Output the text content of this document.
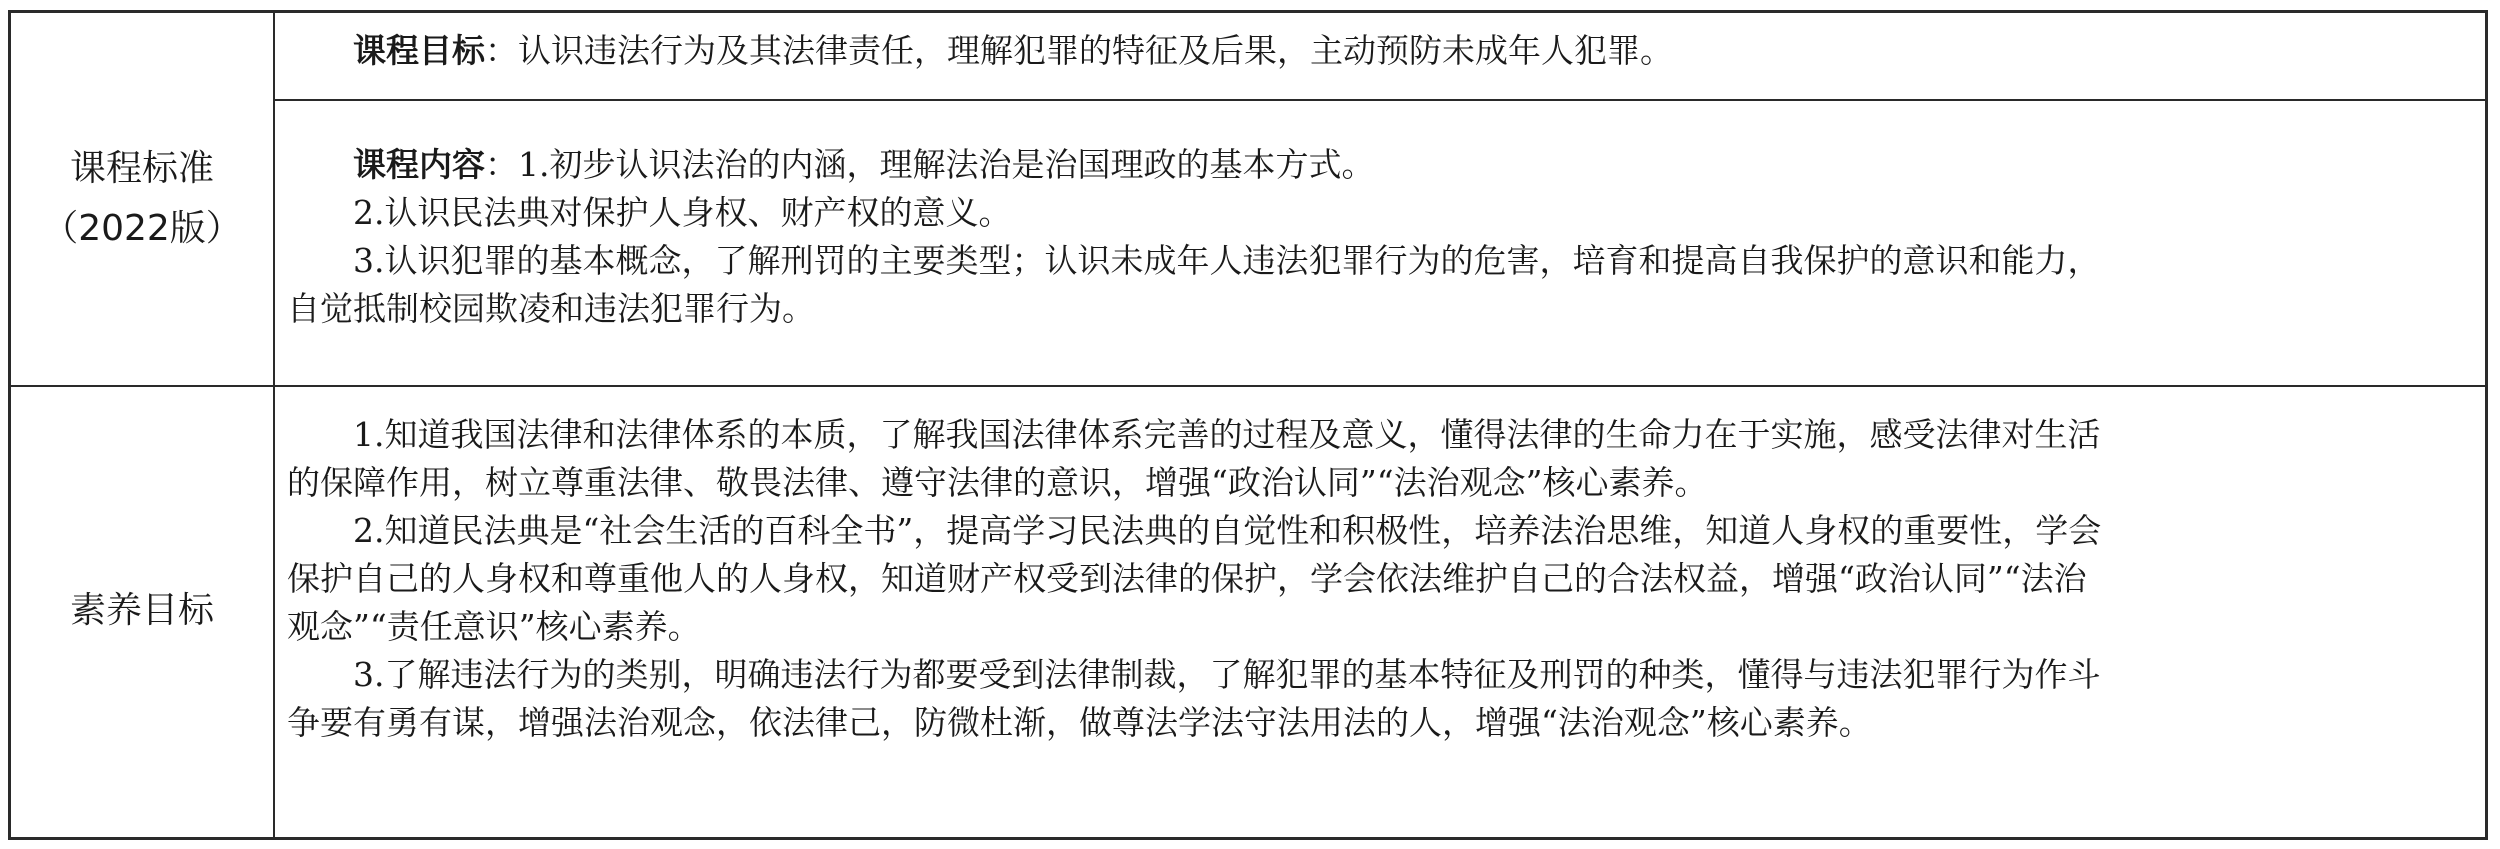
课程标准
（2022版）
课程目标：认识违法行为及其法律责任，理解犯罪的特征及后果，主动预防未成年人犯罪。
课程内容：1.初步认识法治的内涵，理解法治是治国理政的基本方式。
2.认识民法典对保护人身权、财产权的意义。
3.认识犯罪的基本概念，了解刑罚的主要类型；认识未成年人违法犯罪行为的危害，培育和提高自我保护的意识和能力，
自觉抵制校园欺凌和违法犯罪行为。
素养目标
1.知道我国法律和法律体系的本质，了解我国法律体系完善的过程及意义，懂得法律的生命力在于实施，感受法律对生活
的保障作用，树立尊重法律、敬畏法律、遵守法律的意识，增强“政治认同”“法治观念”核心素养。
2.知道民法典是“社会生活的百科全书”，提高学习民法典的自觉性和积极性，培养法治思维，知道人身权的重要性，学会
保护自己的人身权和尊重他人的人身权，知道财产权受到法律的保护，学会依法维护自己的合法权益，增强“政治认同”“法治
观念”“责任意识”核心素养。
3.了解违法行为的类别，明确违法行为都要受到法律制裁，了解犯罪的基本特征及刑罚的种类，懂得与违法犯罪行为作斗
争要有勇有谋，增强法治观念，依法律己，防微杜渐，做尊法学法守法用法的人，增强“法治观念”核心素养。
